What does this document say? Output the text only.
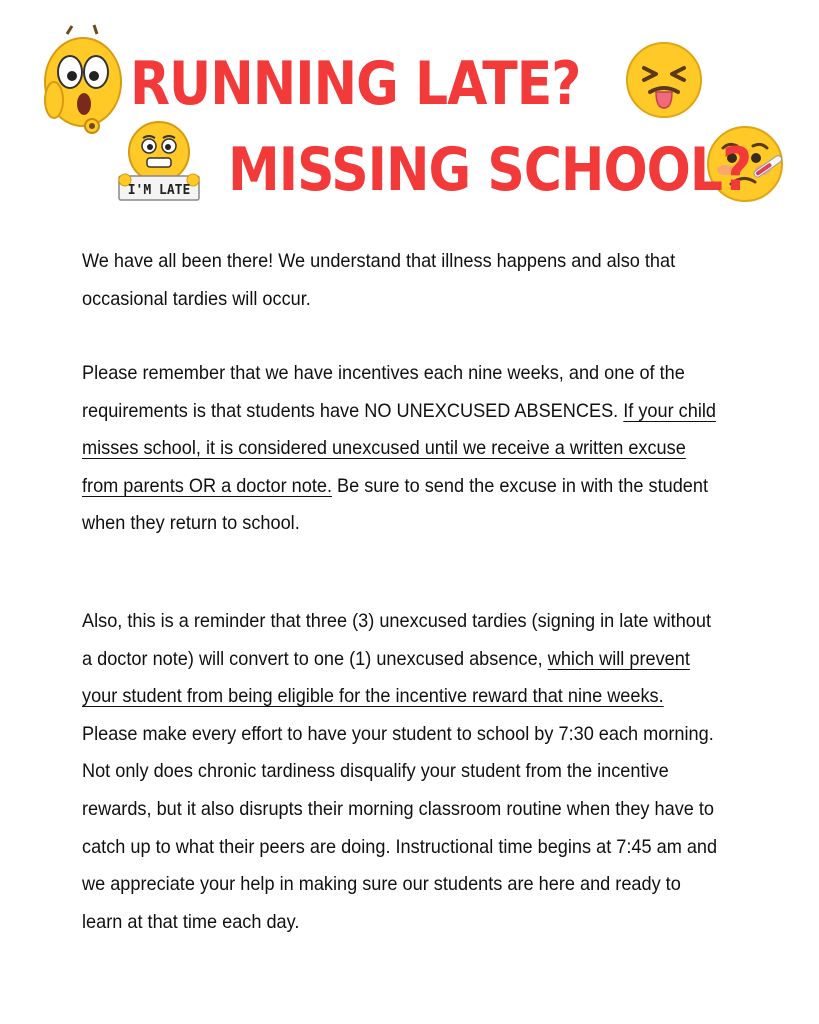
I'M LATE
RUNNING LATE?
MISSING SCHOOL?
We have all been there! We understand that illness happens and also that occasional tardies will occur.
Please remember that we have incentives each nine weeks, and one of the requirements is that students have NO UNEXCUSED ABSENCES. If your child misses school, it is considered unexcused until we receive a written excuse from parents OR a doctor note. Be sure to send the excuse in with the student when they return to school.
Also, this is a reminder that three (3) unexcused tardies (signing in late without a doctor note) will convert to one (1) unexcused absence, which will prevent your student from being eligible for the incentive reward that nine weeks. Please make every effort to have your student to school by 7:30 each morning. Not only does chronic tardiness disqualify your student from the incentive rewards, but it also disrupts their morning classroom routine when they have to catch up to what their peers are doing. Instructional time begins at 7:45 am and we appreciate your help in making sure our students are here and ready to learn at that time each day.
